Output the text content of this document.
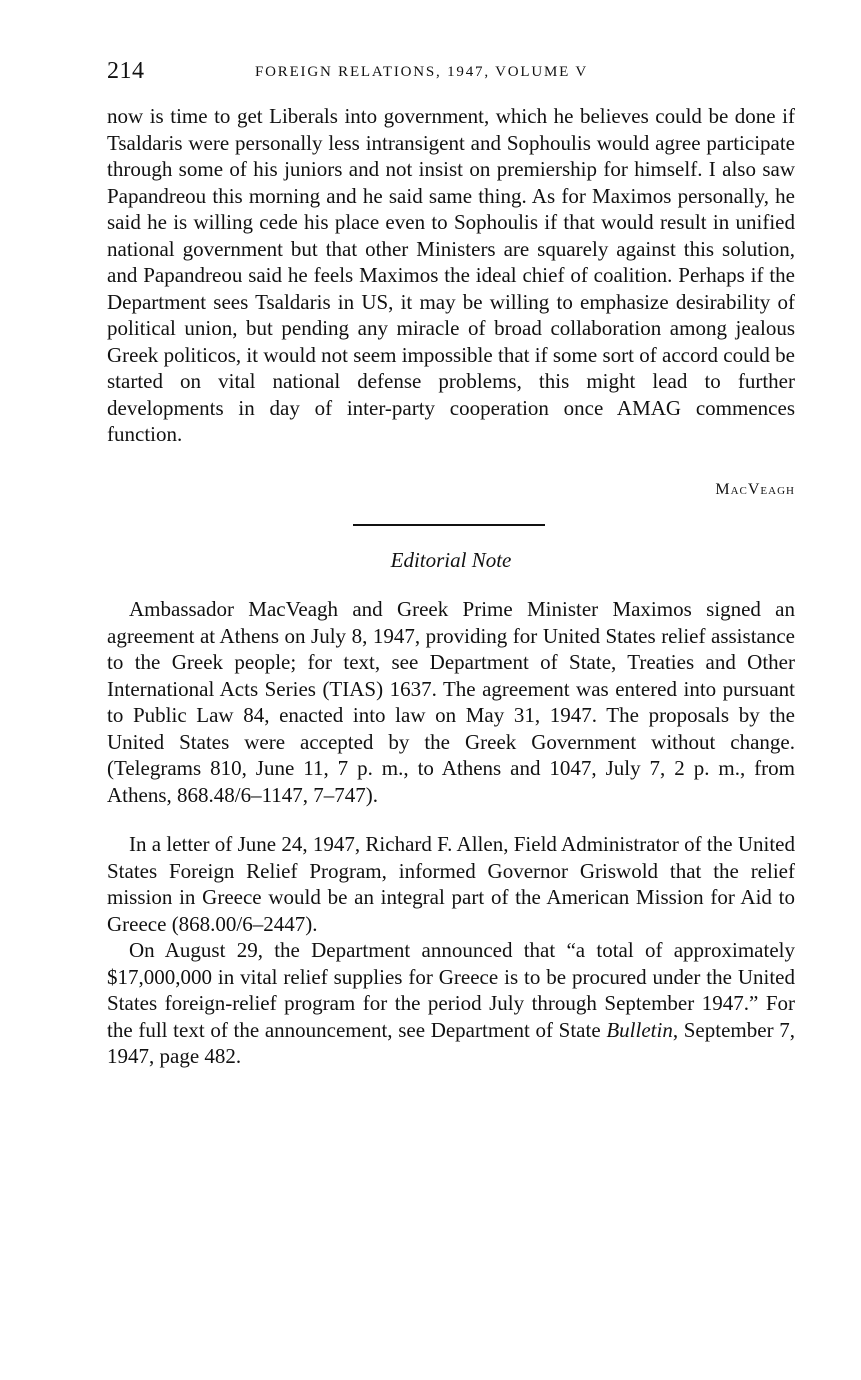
214	FOREIGN RELATIONS, 1947, VOLUME V

now is time to get Liberals into government, which he believes could be done if Tsaldaris were personally less intransigent and Sophoulis would agree participate through some of his juniors and not insist on premiership for himself. I also saw Papandreou this morning and he said same thing. As for Maximos personally, he said he is willing cede his place even to Sophoulis if that would result in unified national government but that other Ministers are squarely against this solution, and Papandreou said he feels Maximos the ideal chief of coalition. Perhaps if the Department sees Tsaldaris in US, it may be willing to emphasize desirability of political union, but pending any miracle of broad collaboration among jealous Greek politicos, it would not seem impossible that if some sort of accord could be started on vital national defense problems, this might lead to further developments in day of inter-party cooperation once AMAG commences function.

MacVeagh
Editorial Note

Ambassador MacVeagh and Greek Prime Minister Maximos signed an agreement at Athens on July 8, 1947, providing for United States relief assistance to the Greek people; for text, see Department of State, Treaties and Other International Acts Series (TIAS) 1637. The agreement was entered into pursuant to Public Law 84, enacted into law on May 31, 1947. The proposals by the United States were accepted by the Greek Government without change. (Telegrams 810, June 11, 7 p. m., to Athens and 1047, July 7, 2 p. m., from Athens, 868.48/6–1147, 7–747).

In a letter of June 24, 1947, Richard F. Allen, Field Administrator of the United States Foreign Relief Program, informed Governor Griswold that the relief mission in Greece would be an integral part of the American Mission for Aid to Greece (868.00/6–2447).

On August 29, the Department announced that “a total of approximately $17,000,000 in vital relief supplies for Greece is to be procured under the United States foreign-relief program for the period July through September 1947.” For the full text of the announcement, see Department of State Bulletin, September 7, 1947, page 482.
